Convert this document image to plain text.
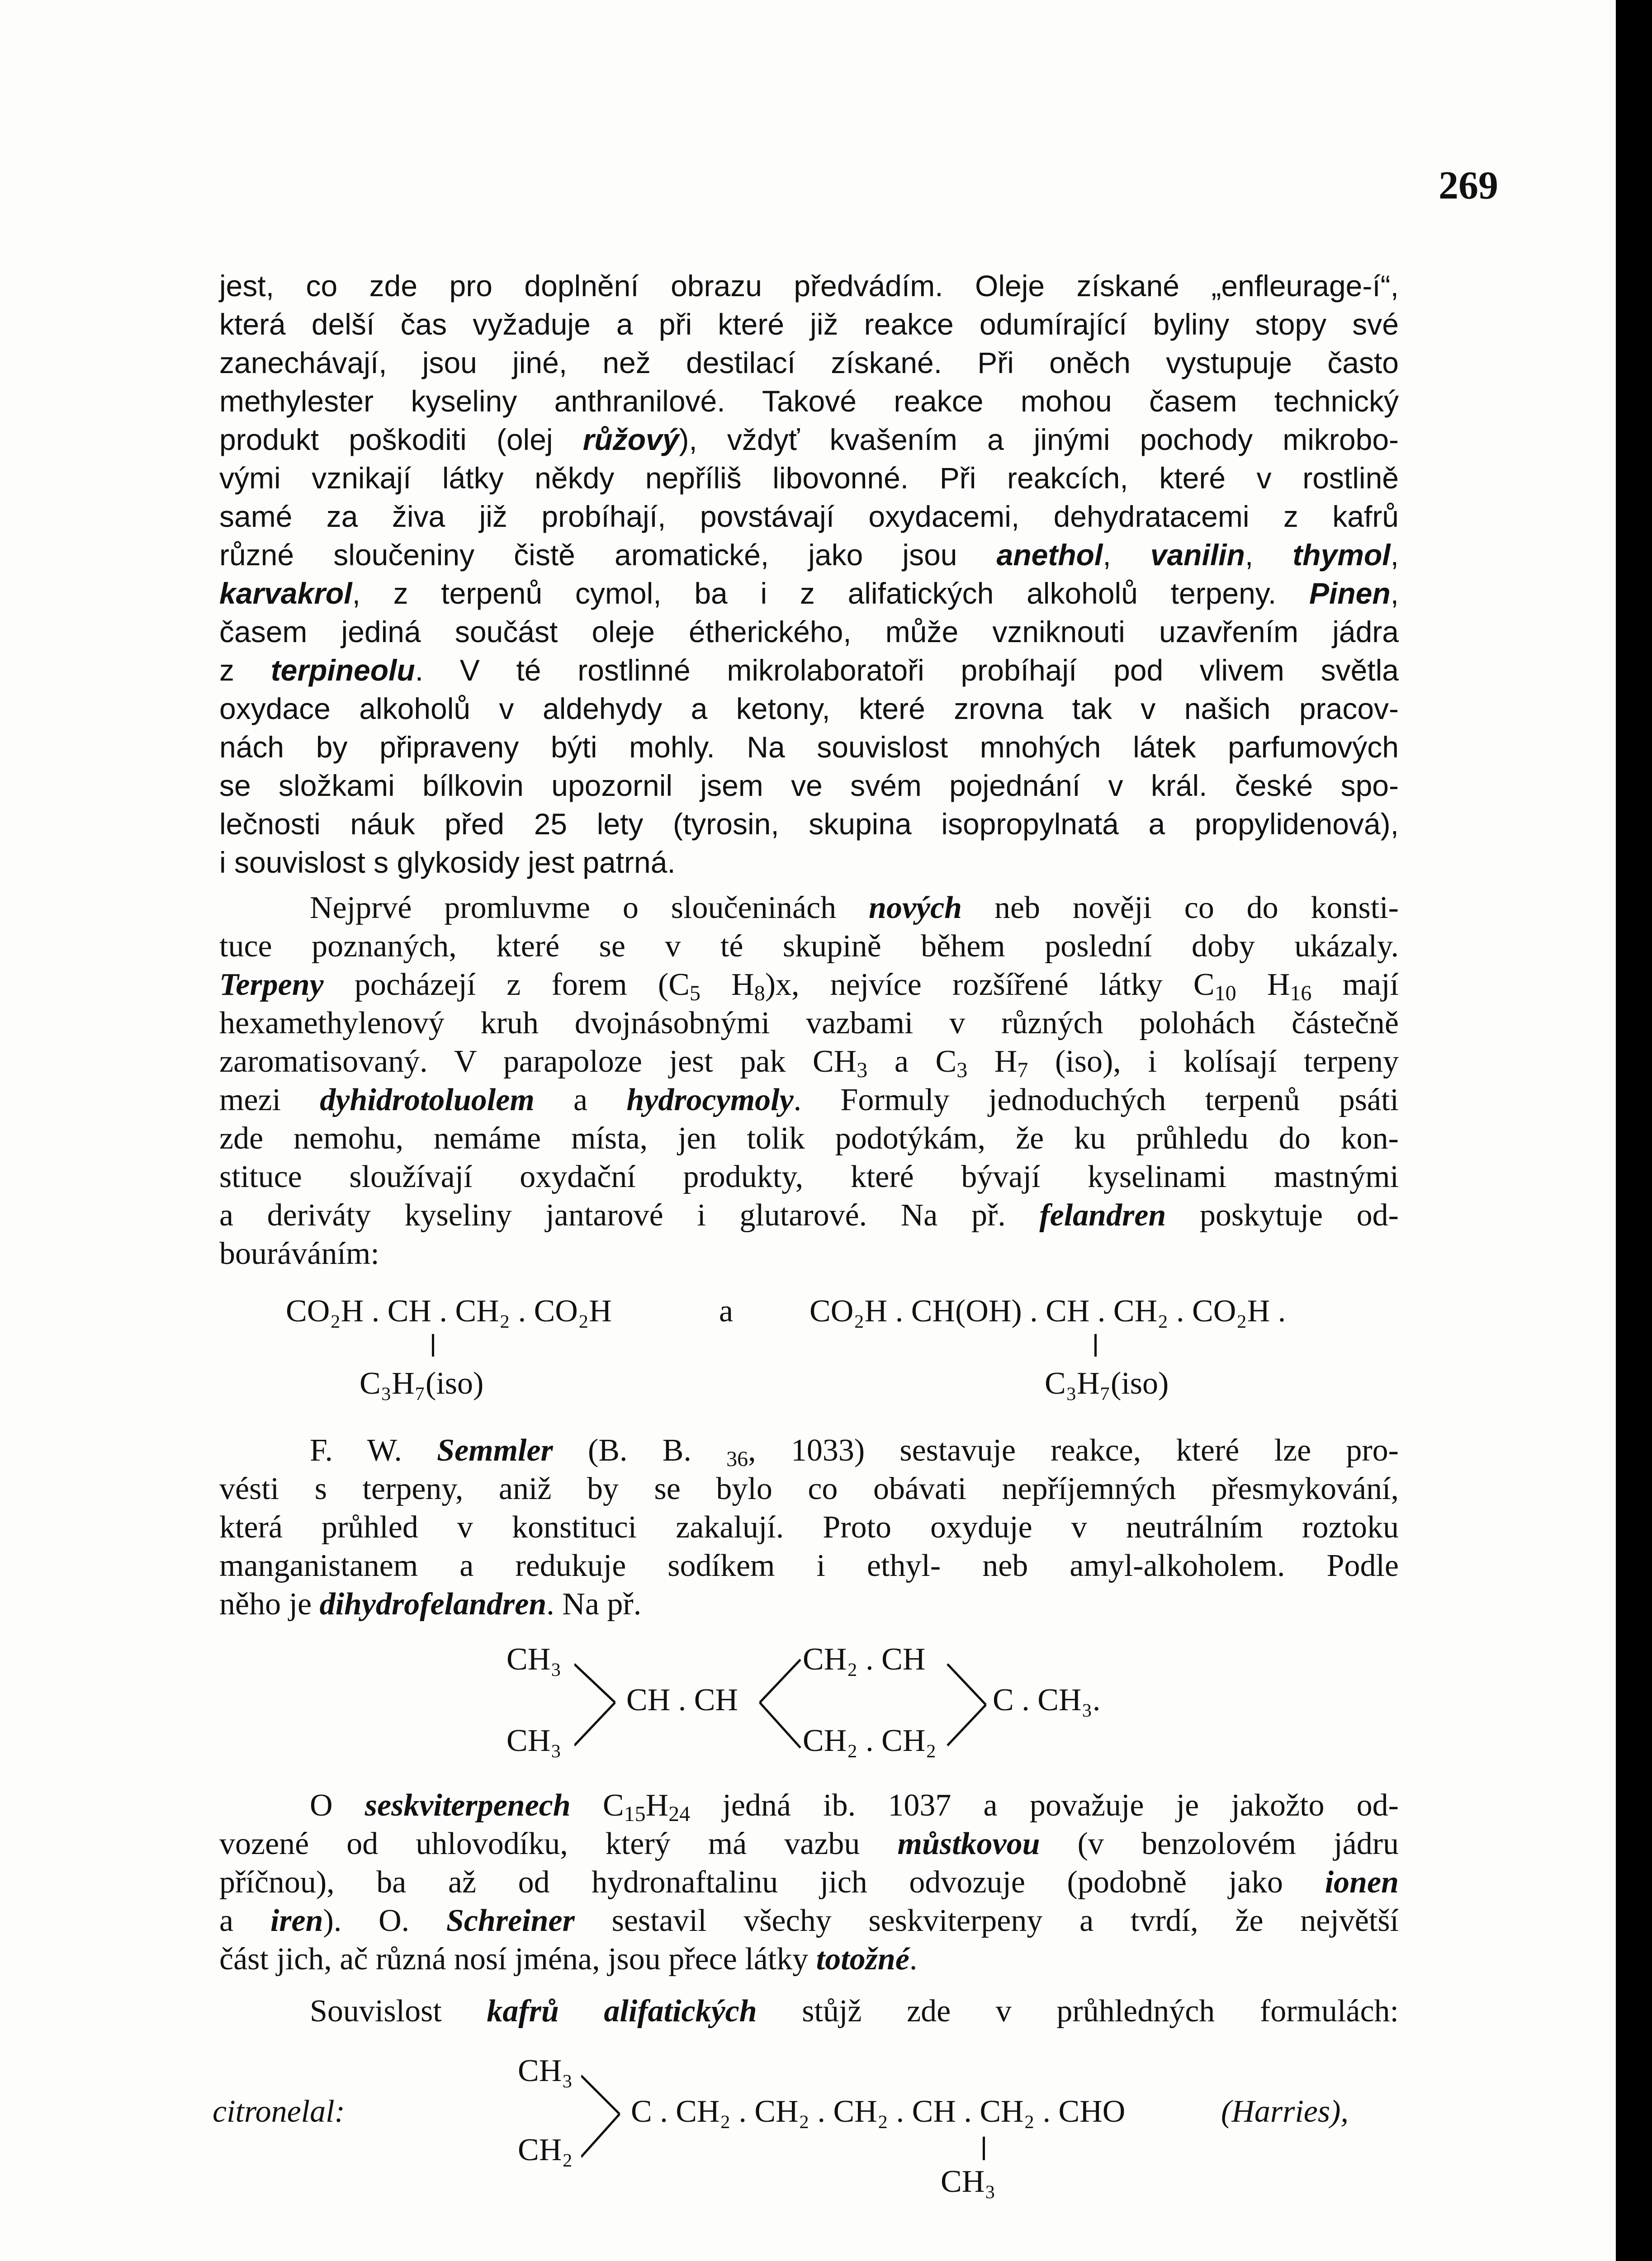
269
jest, co zde pro doplnění obrazu předvádím. Oleje získané „enfleurage-í“,
která delší čas vyžaduje a při které již reakce odumírající byliny stopy své
zanechávají, jsou jiné, než destilací získané. Při oněch vystupuje často
methylester kyseliny anthranilové. Takové reakce mohou časem technický
produkt poškoditi (olej růžový), vždyť kvašením a jinými pochody mikrobo-
vými vznikají látky někdy nepříliš libovonné. Při reakcích, které v rostlině
samé za živa již probíhají, povstávají oxydacemi, dehydratacemi z kafrů
různé sloučeniny čistě aromatické, jako jsou anethol, vanilin, thymol,
karvakrol, z terpenů cymol, ba i z alifatických alkoholů terpeny. Pinen,
časem jediná součást oleje étherického, může vzniknouti uzavřením jádra
z terpineolu. V té rostlinné mikrolaboratoři probíhají pod vlivem světla
oxydace alkoholů v aldehydy a ketony, které zrovna tak v našich pracov-
nách by připraveny býti mohly. Na souvislost mnohých látek parfumových
se složkami bílkovin upozornil jsem ve svém pojednání v král. české spo-
lečnosti náuk před 25 lety (tyrosin, skupina isopropylnatá a propylidenová),
i souvislost s glykosidy jest patrná.
Nejprvé promluvme o sloučeninách nových neb nověji co do konsti-
tuce poznaných, které se v té skupině během poslední doby ukázaly.
Terpeny pocházejí z forem (C5 H8)x, nejvíce rozšířené látky C10 H16 mají
hexamethylenový kruh dvojnásobnými vazbami v různých polohách částečně
zaromatisovaný. V parapoloze jest pak CH3 a C3 H7 (iso), i kolísají terpeny
mezi dyhidrotoluolem a hydrocymoly. Formuly jednoduchých terpenů psáti
zde nemohu, nemáme místa, jen tolik podotýkám, že ku průhledu do kon-
stituce sloužívají oxydační produkty, které bývají kyselinami mastnými
a deriváty kyseliny jantarové i glutarové. Na př. felandren poskytuje od-
bouráváním:
CO₂H . CH . CH₂ . CO₂H	a CO₂H . CH(OH) . CH . CH₂ . CO₂H .
C₃H₇(iso)	C₃H₇(iso)
F. W. Semmler (B. B. 36, 1033) sestavuje reakce, které lze pro-
vésti s terpeny, aniž by se bylo co obávati nepříjemných přesmykování,
která průhled v konstituci zakalují. Proto oxyduje v neutrálním roztoku
manganistanem a redukuje sodíkem i ethyl- neb amyl-alkoholem. Podle
něho je dihydrofelandren. Na př.
CH₃
CH₃
CH . CH
CH₂ . CH
CH₂ . CH₂
C . CH₃.
O seskviterpenech C15H24 jedná ib. 1037 a považuje je jakožto od-
vozené od uhlovodíku, který má vazbu můstkovou (v benzolovém jádru
příčnou), ba až od hydronaftalinu jich odvozuje (podobně jako ionen
a iren). O. Schreiner sestavil všechy seskviterpeny a tvrdí, že největší
část jich, ač různá nosí jména, jsou přece látky totožné.
Souvislost kafrů alifatických stůjž zde v průhledných formulách:
citronelal:
CH₃
CH₂
C . CH₂ . CH₂ . CH₂ . CH . CH₂ . CHO	(Harries),
CH₃
